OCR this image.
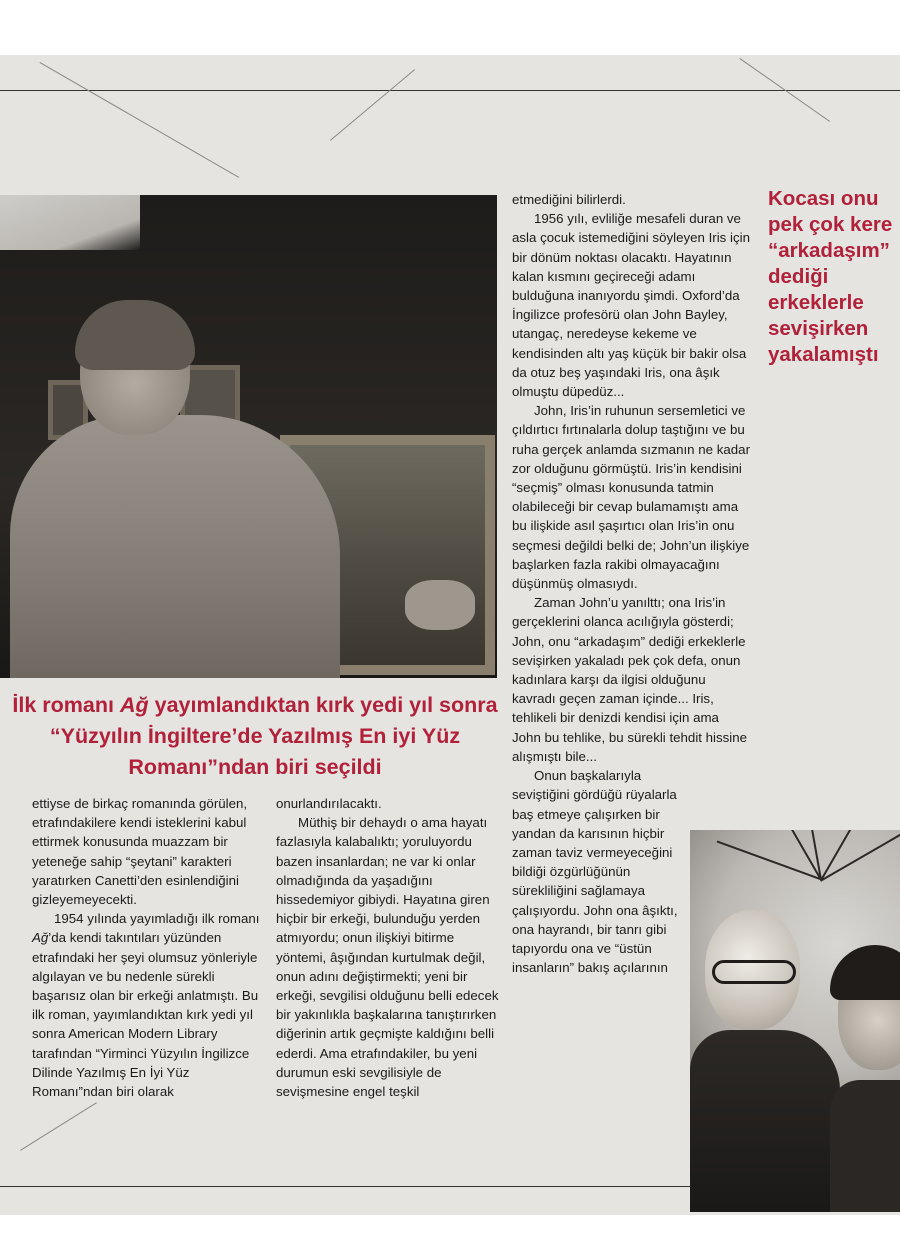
Kocası onu
pek çok kere
“arkadaşım”
dediği
erkeklerle
sevişirken
yakalamıştı
İlk romanı Ağ yayımlandıktan kırk yedi yıl sonra “Yüzyılın İngiltere’de Yazılmış En iyi Yüz Romanı”ndan biri seçildi

ettiyse de birkaç romanında görülen, etrafındakilere kendi isteklerini kabul ettirmek konusunda muazzam bir yeteneğe sahip “şeytani” karakteri yaratırken Canetti’den esinlendiğini gizleyemeyecekti.

1954 yılında yayımladığı ilk romanı Ağ’da kendi takıntıları yüzünden etrafındaki her şeyi olumsuz yönleriyle algılayan ve bu nedenle sürekli başarısız olan bir erkeği anlatmıştı. Bu ilk roman, yayımlandıktan kırk yedi yıl sonra American Modern Library tarafından “Yirminci Yüzyılın İngilizce Dilinde Yazılmış En İyi Yüz Romanı”ndan biri olarak

onurlandırılacaktı.

Müthiş bir dehaydı o ama hayatı fazlasıyla kalabalıktı; yoruluyordu bazen insanlardan; ne var ki onlar olmadığında da yaşadığını hissedemiyor gibiydi. Hayatına giren hiçbir bir erkeği, bulunduğu yerden atmıyordu; onun ilişkiyi bitirme yöntemi, âşığından kurtulmak değil, onun adını değiştirmekti; yeni bir erkeği, sevgilisi olduğunu belli edecek bir yakınlıkla başkalarına tanıştırırken diğerinin artık geçmişte kaldığını belli ederdi. Ama etrafındakiler, bu yeni durumun eski sevgilisiyle de sevişmesine engel teşkil

etmediğini bilirlerdi.

1956 yılı, evliliğe mesafeli duran ve asla çocuk istemediğini söyleyen Iris için bir dönüm noktası olacaktı. Hayatının kalan kısmını geçireceği adamı bulduğuna inanıyordu şimdi. Oxford’da İngilizce profesörü olan John Bayley, utangaç, neredeyse kekeme ve kendisinden altı yaş küçük bir bakir olsa da otuz beş yaşındaki Iris, ona âşık olmuştu düpedüz...

John, Iris’in ruhunun sersemletici ve çıldırtıcı fırtınalarla dolup taştığını ve bu ruha gerçek anlamda sızmanın ne kadar zor olduğunu görmüştü. Iris’in kendisini “seçmiş” olması konusunda tatmin olabileceği bir cevap bulamamıştı ama bu ilişkide asıl şaşırtıcı olan Iris’in onu seçmesi değildi belki de; John’un ilişkiye başlarken fazla rakibi olmayacağını düşünmüş olmasıydı.

Zaman John’u yanılttı; ona Iris’in gerçeklerini olanca acılığıyla gösterdi; John, onu “arkadaşım” dediği erkeklerle sevişirken yakaladı pek çok defa, onun kadınlara karşı da ilgisi olduğunu kavradı geçen zaman içinde... Iris, tehlikeli bir denizdi kendisi için ama John bu tehlike, bu sürekli tehdit hissine alışmıştı bile...

Onun başkalarıyla seviştiğini gördüğü rüyalarla baş etmeye çalışırken bir yandan da karısının hiçbir zaman taviz vermeyeceğini bildiği özgürlüğünün sürekliliğini sağlamaya çalışıyordu. John ona âşıktı, ona hayrandı, bir tanrı gibi tapıyordu ona ve “üstün insanların” bakış açılarının
